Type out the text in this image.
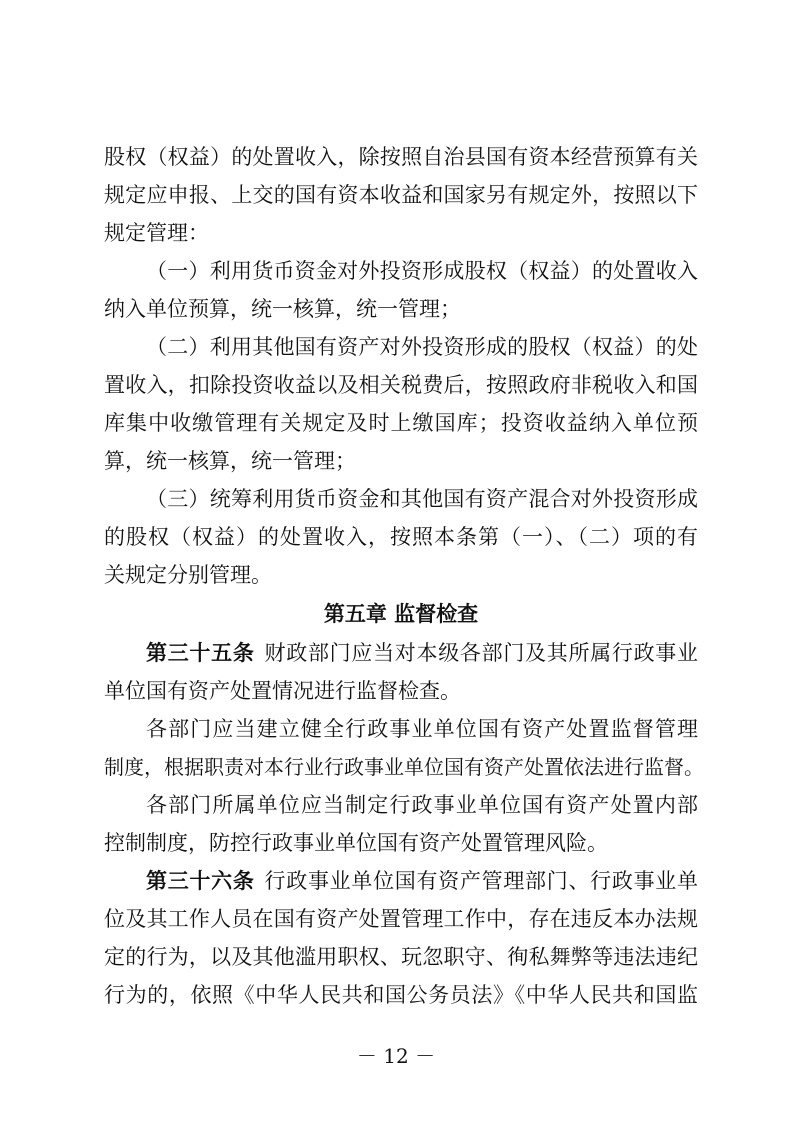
股权（权益）的处置收入，除按照自治县国有资本经营预算有关
规定应申报、上交的国有资本收益和国家另有规定外，按照以下
规定管理：
（一）利用货币资金对外投资形成股权（权益）的处置收入
纳入单位预算，统一核算，统一管理；
（二）利用其他国有资产对外投资形成的股权（权益）的处
置收入，扣除投资收益以及相关税费后，按照政府非税收入和国
库集中收缴管理有关规定及时上缴国库；投资收益纳入单位预
算，统一核算，统一管理；
（三）统筹利用货币资金和其他国有资产混合对外投资形成
的股权（权益）的处置收入，按照本条第（一）、（二）项的有
关规定分别管理。
第五章 监督检查
第三十五条 财政部门应当对本级各部门及其所属行政事业
单位国有资产处置情况进行监督检查。
各部门应当建立健全行政事业单位国有资产处置监督管理
制度，根据职责对本行业行政事业单位国有资产处置依法进行监督。
各部门所属单位应当制定行政事业单位国有资产处置内部
控制制度，防控行政事业单位国有资产处置管理风险。
第三十六条 行政事业单位国有资产管理部门、行政事业单
位及其工作人员在国有资产处置管理工作中，存在违反本办法规
定的行为，以及其他滥用职权、玩忽职守、徇私舞弊等违法违纪
行为的，依照《中华人民共和国公务员法》《中华人民共和国监
－ 12 －
